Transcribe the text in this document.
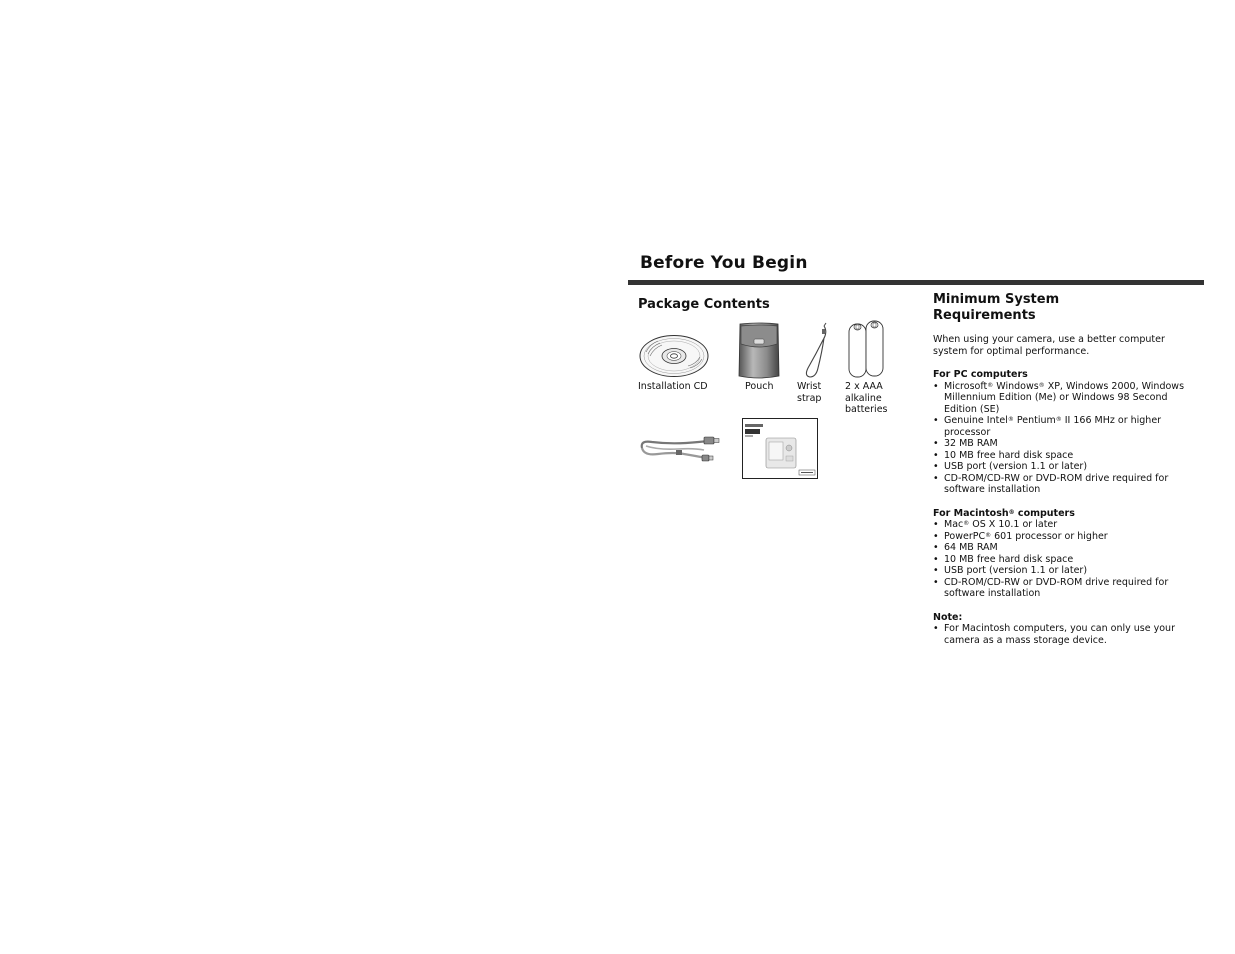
Before You Begin
Package Contents
Installation CD	Pouch Wrist
strap
2 x AAA
alkaline
batteries
Minimum System
Requirements

When using your camera, use a better computer system for optimal performance.

For PC computers

• Microsoft® Windows® XP, Windows 2000, Windows Millennium Edition (Me) or Windows 98 Second Edition (SE)
• Genuine Intel® Pentium® II 166 MHz or higher processor
• 32 MB RAM
• 10 MB free hard disk space
• USB port (version 1.1 or later)
• CD-ROM/CD-RW or DVD-ROM drive required for software installation

For Macintosh® computers

• Mac® OS X 10.1 or later
• PowerPC® 601 processor or higher
• 64 MB RAM
• 10 MB free hard disk space
• USB port (version 1.1 or later)
• CD-ROM/CD-RW or DVD-ROM drive required for software installation

Note:

• For Macintosh computers, you can only use your camera as a mass storage device.
